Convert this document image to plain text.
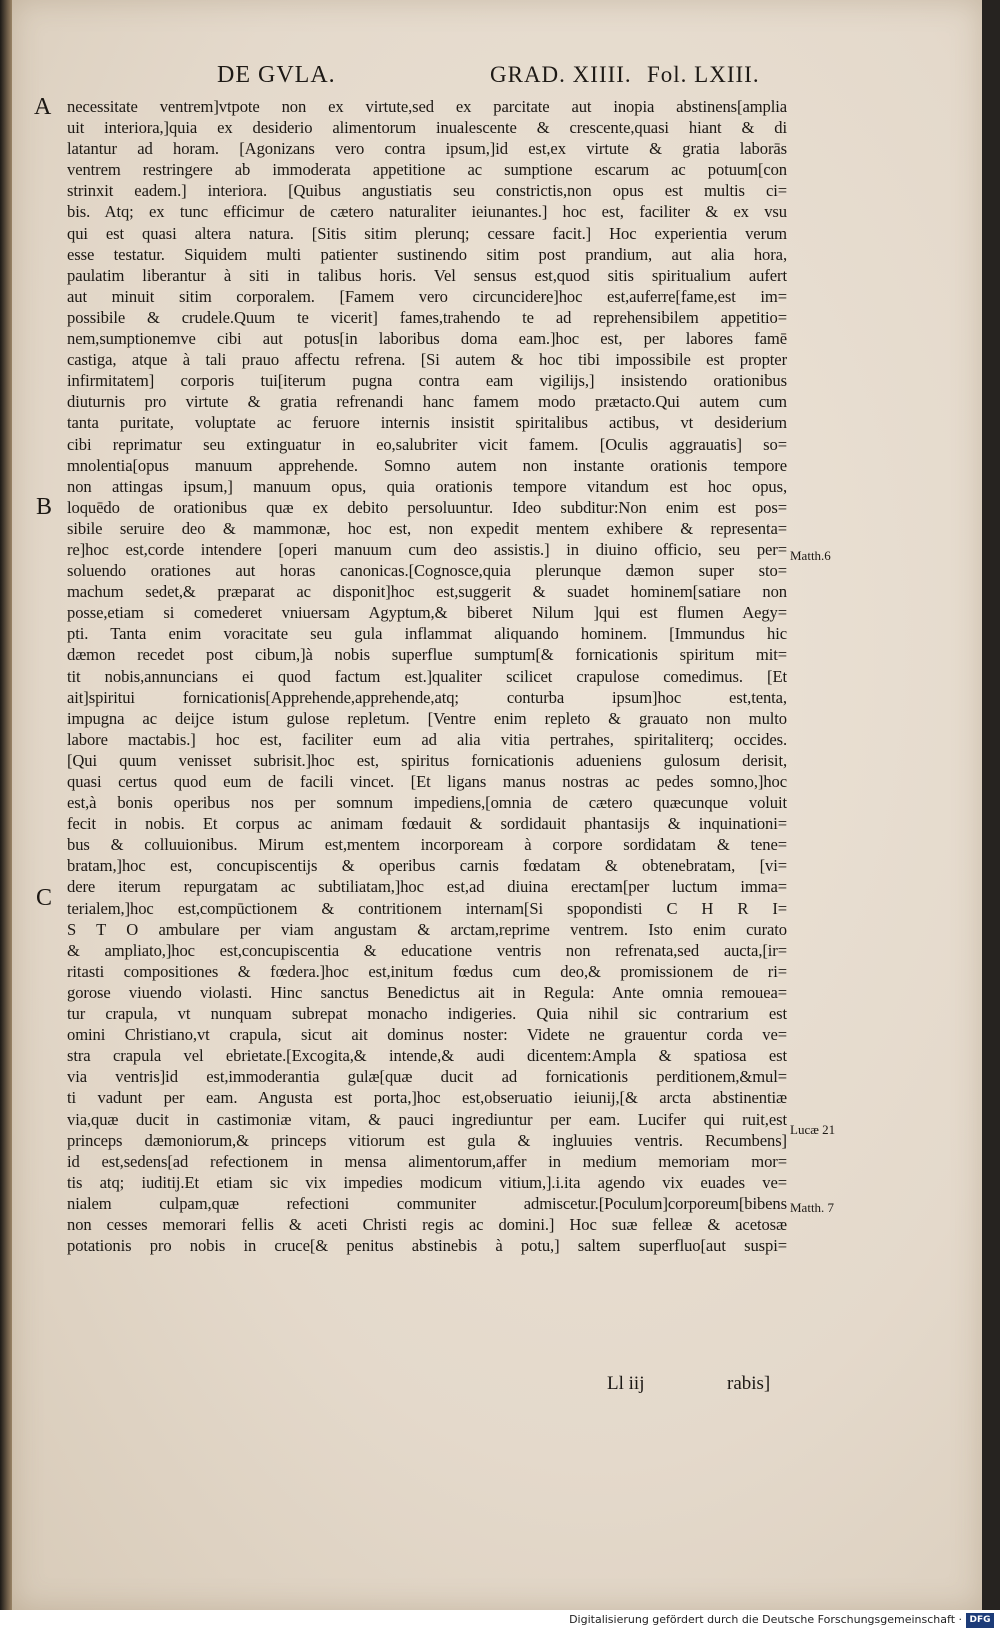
DE GVLA.	GRAD. XIIII. Fol. LXIII.
A
B
C
Matth.6
Lucæ 21
Matth. 7
necessitate ventrem]vtpote non ex virtute,sed ex parcitate aut inopia abstinens[amplia
uit interiora,]quia ex desiderio alimentorum inualescente & crescente,quasi hiant & di
latantur ad horam. [Agonizans vero contra ipsum,]id est,ex virtute & gratia laborās
ventrem restringere ab immoderata appetitione ac sumptione escarum ac potuum[con
strinxit eadem.] interiora. [Quibus angustiatis seu constrictis,non opus est multis ci=
bis. Atq; ex tunc efficimur de cætero naturaliter ieiunantes.] hoc est, faciliter & ex vsu
qui est quasi altera natura. [Sitis sitim plerunq; cessare facit.] Hoc experientia verum
esse testatur. Siquidem multi patienter sustinendo sitim post prandium, aut alia hora,
paulatim liberantur à siti in talibus horis. Vel sensus est,quod sitis spiritualium aufert
aut minuit sitim corporalem. [Famem vero circuncidere]hoc est,auferre[fame,est im=
possibile & crudele.Quum te vicerit] fames,trahendo te ad reprehensibilem appetitio=
nem,sumptionemve cibi aut potus[in laboribus doma eam.]hoc est, per labores famē
castiga, atque à tali prauo affectu refrena. [Si autem & hoc tibi impossibile est propter
infirmitatem] corporis tui[iterum pugna contra eam vigilijs,] insistendo orationibus
diuturnis pro virtute & gratia refrenandi hanc famem modo prætacto.Qui autem cum
tanta puritate, voluptate ac feruore internis insistit spiritalibus actibus, vt desiderium
cibi reprimatur seu extinguatur in eo,salubriter vicit famem. [Oculis aggrauatis] so=
mnolentia[opus manuum apprehende. Somno autem non instante orationis tempore
non attingas ipsum,] manuum opus, quia orationis tempore vitandum est hoc opus,
loquēdo de orationibus quæ ex debito persoluuntur. Ideo subditur:Non enim est pos=
sibile seruire deo & mammonæ, hoc est, non expedit mentem exhibere & representa=
re]hoc est,corde intendere [operi manuum cum deo assistis.] in diuino officio, seu per=
soluendo orationes aut horas canonicas.[Cognosce,quia plerunque dæmon super sto=
machum sedet,& præparat ac disponit]hoc est,suggerit & suadet hominem[satiare non
posse,etiam si comederet vniuersam Agyptum,& biberet Nilum ]qui est flumen Aegy=
pti. Tanta enim voracitate seu gula inflammat aliquando hominem. [Immundus hic
dæmon recedet post cibum,]à nobis superflue sumptum[& fornicationis spiritum mit=
tit nobis,annuncians ei quod factum est.]qualiter scilicet crapulose comedimus. [Et
ait]spiritui fornicationis[Apprehende,apprehende,atq; conturba ipsum]hoc est,tenta,
impugna ac deijce istum gulose repletum. [Ventre enim repleto & grauato non multo
labore mactabis.] hoc est, faciliter eum ad alia vitia pertrahes, spiritaliterq; occides.
[Qui quum venisset subrisit.]hoc est, spiritus fornicationis adueniens gulosum derisit,
quasi certus quod eum de facili vincet. [Et ligans manus nostras ac pedes somno,]hoc
est,à bonis operibus nos per somnum impediens,[omnia de cætero quæcunque voluit
fecit in nobis. Et corpus ac animam fœdauit & sordidauit phantasijs & inquinationi=
bus & colluuionibus. Mirum est,mentem incorpoream à corpore sordidatam & tene=
bratam,]hoc est, concupiscentijs & operibus carnis fœdatam & obtenebratam, [vi=
dere iterum repurgatam ac subtiliatam,]hoc est,ad diuina erectam[per luctum imma=
terialem,]hoc est,compūctionem & contritionem internam[Si spopondisti C H R I=
S T O ambulare per viam angustam & arctam,reprime ventrem. Isto enim curato
& ampliato,]hoc est,concupiscentia & educatione ventris non refrenata,sed aucta,[ir=
ritasti compositiones & fœdera.]hoc est,initum fœdus cum deo,& promissionem de ri=
gorose viuendo violasti. Hinc sanctus Benedictus ait in Regula: Ante omnia remouea=
tur crapula, vt nunquam subrepat monacho indigeries. Quia nihil sic contrarium est
omini Christiano,vt crapula, sicut ait dominus noster: Videte ne grauentur corda ve=
stra crapula vel ebrietate.[Excogita,& intende,& audi dicentem:Ampla & spatiosa est
via ventris]id est,immoderantia gulæ[quæ ducit ad fornicationis perditionem,&mul=
ti vadunt per eam. Angusta est porta,]hoc est,obseruatio ieiunij,[& arcta abstinentiæ
via,quæ ducit in castimoniæ vitam, & pauci ingrediuntur per eam. Lucifer qui ruit,est
princeps dæmoniorum,& princeps vitiorum est gula & ingluuies ventris. Recumbens]
id est,sedens[ad refectionem in mensa alimentorum,affer in medium memoriam mor=
tis atq; iuditij.Et etiam sic vix impedies modicum vitium,].i.ita agendo vix euades ve=
nialem culpam,quæ refectioni communiter admiscetur.[Poculum]corporeum[bibens
non cesses memorari fellis & aceti Christi regis ac domini.] Hoc suæ felleæ & acetosæ
potationis pro nobis in cruce[& penitus abstinebis à potu,] saltem superfluo[aut suspi=
Ll iij	rabis]
Digitalisierung gefördert durch die Deutsche Forschungsgemeinschaft · DFG
